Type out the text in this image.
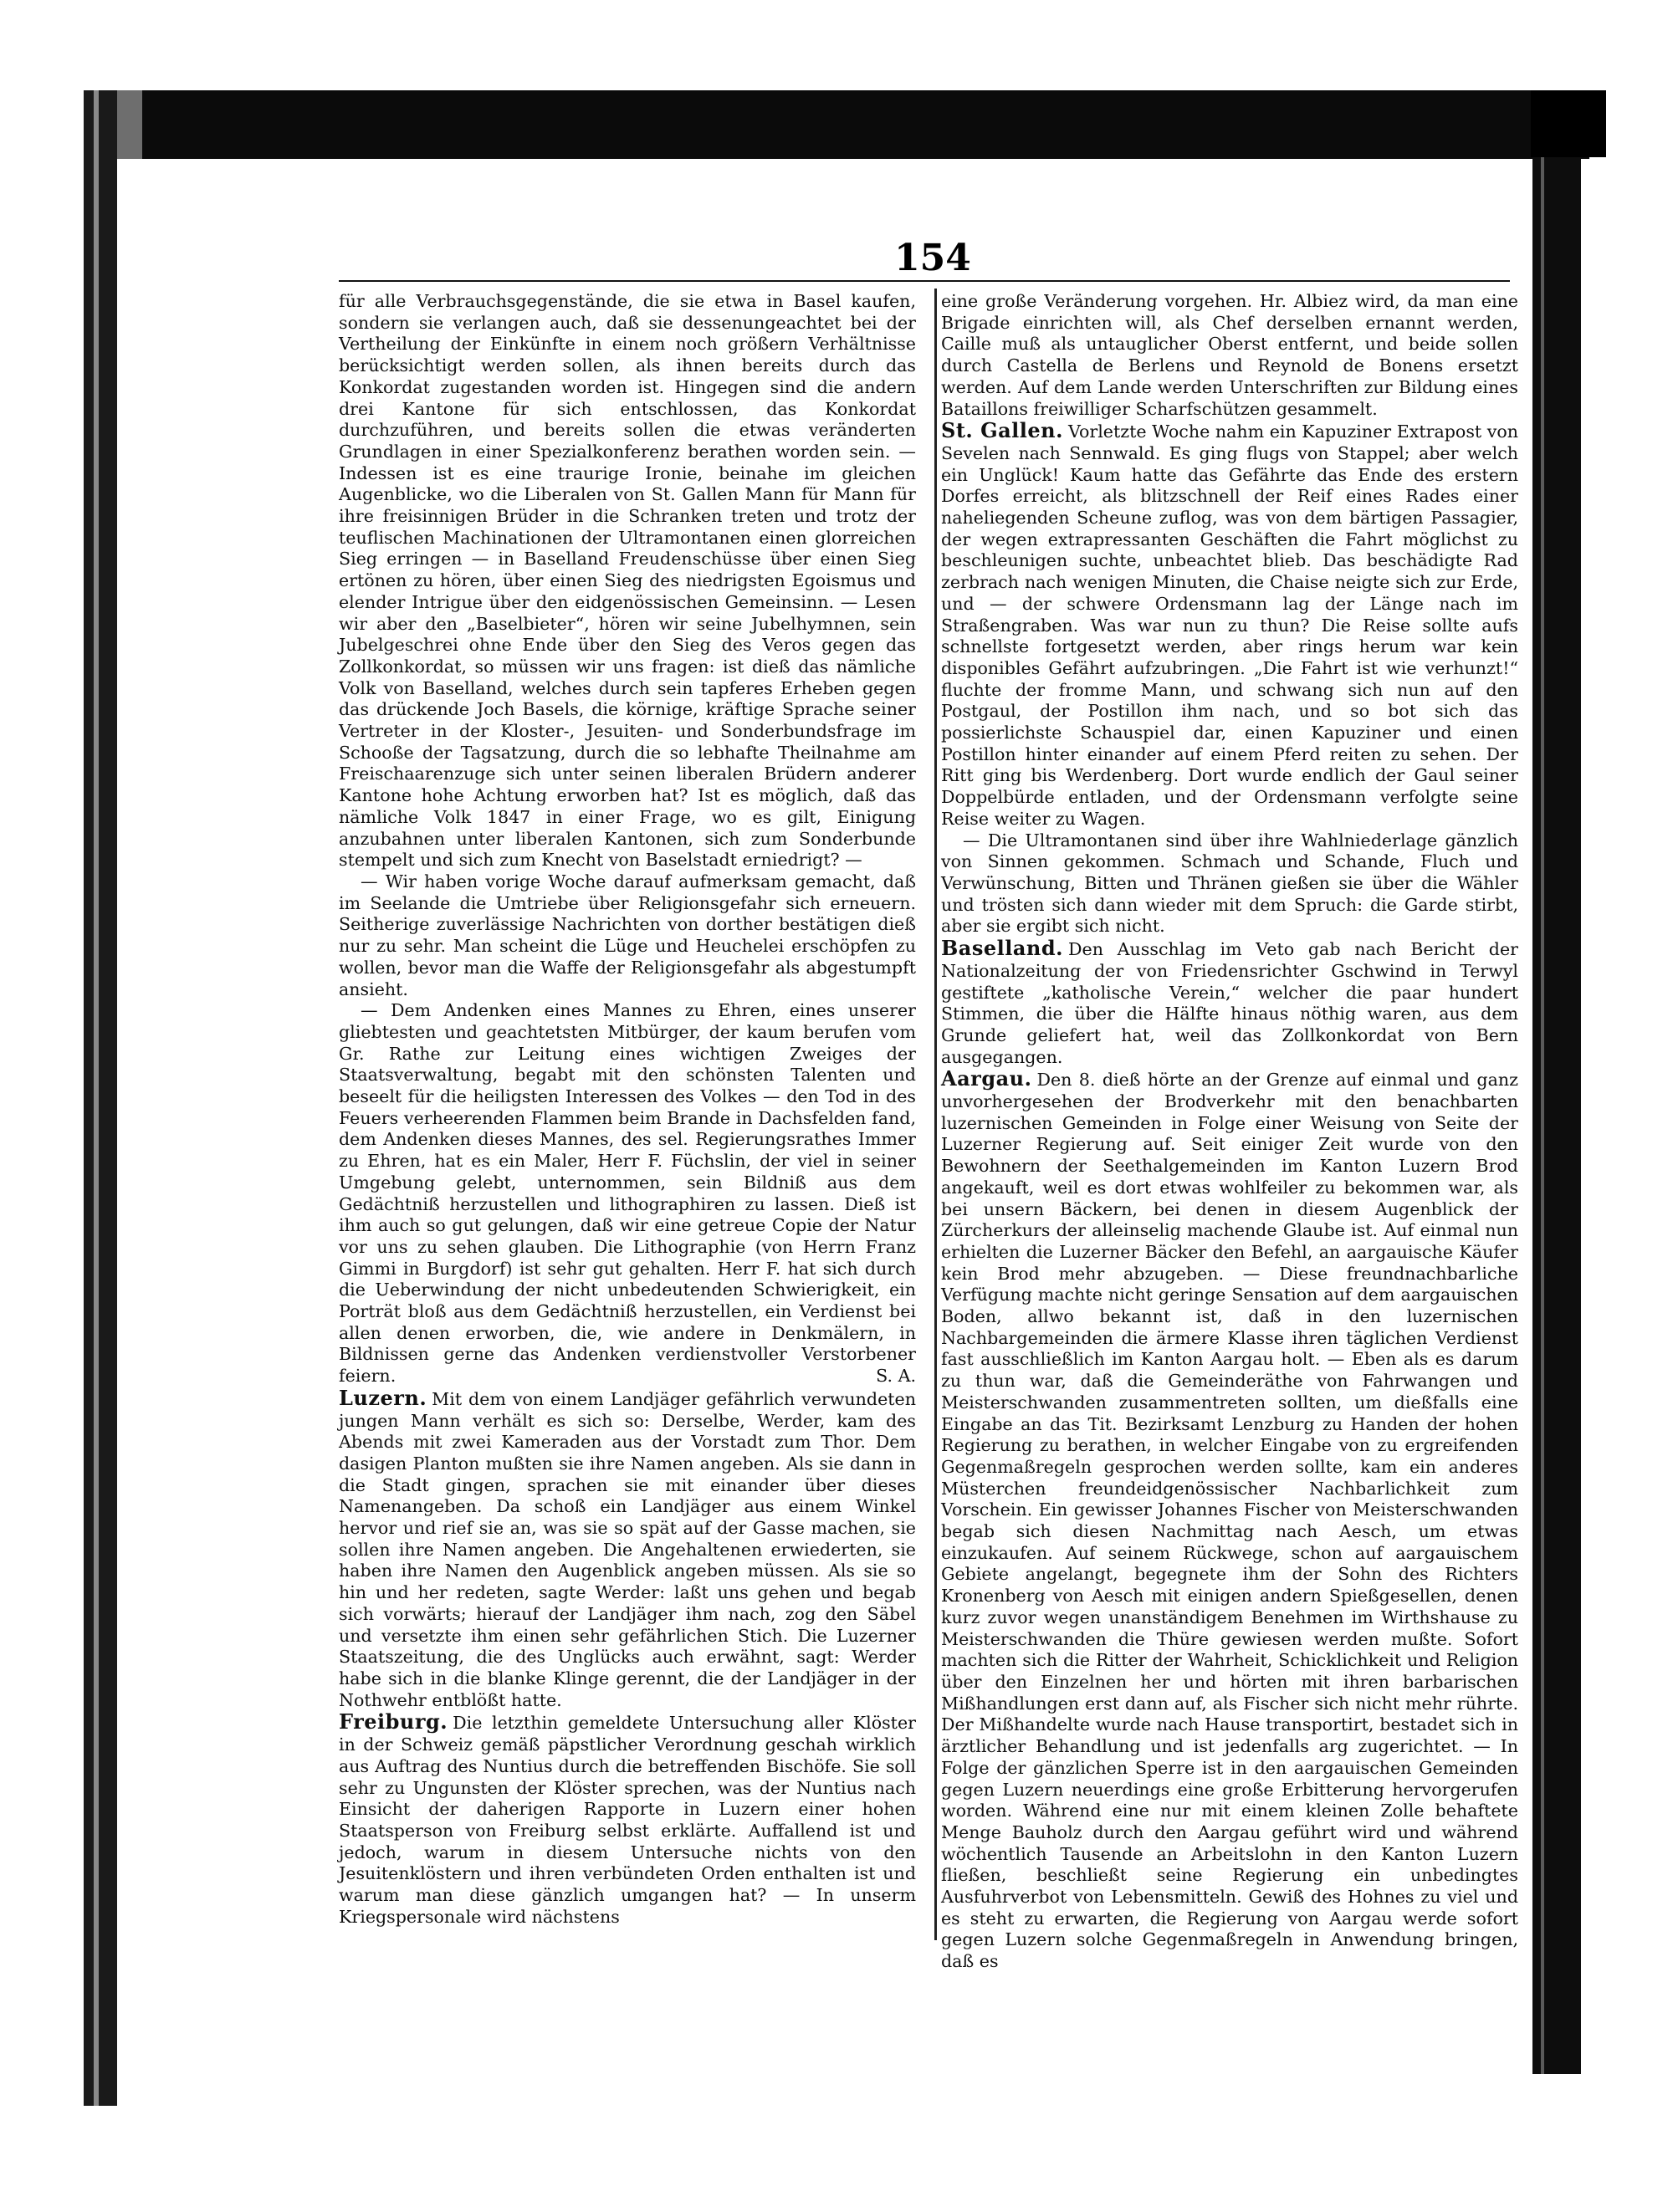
154

für alle Verbrauchsgegenstände, die sie etwa in Basel kaufen, sondern sie verlangen auch, daß sie dessenungeachtet bei der Vertheilung der Einkünfte in einem noch größern Verhältnisse berücksichtigt werden sollen, als ihnen bereits durch das Konkordat zugestanden worden ist. Hingegen sind die andern drei Kantone für sich entschlossen, das Konkordat durchzuführen, und bereits sollen die etwas veränderten Grundlagen in einer Spezialkonferenz berathen worden sein. — Indessen ist es eine traurige Ironie, beinahe im gleichen Augenblicke, wo die Liberalen von St. Gallen Mann für Mann für ihre freisinnigen Brüder in die Schranken treten und trotz der teuflischen Machinationen der Ultramontanen einen glorreichen Sieg erringen — in Baselland Freudenschüsse über einen Sieg ertönen zu hören, über einen Sieg des niedrigsten Egoismus und elender Intrigue über den eidgenössischen Gemeinsinn. — Lesen wir aber den „Baselbieter“, hören wir seine Jubelhymnen, sein Jubelgeschrei ohne Ende über den Sieg des Veros gegen das Zollkonkordat, so müssen wir uns fragen: ist dieß das nämliche Volk von Baselland, welches durch sein tapferes Erheben gegen das drückende Joch Basels, die körnige, kräftige Sprache seiner Vertreter in der Kloster-, Jesuiten- und Sonderbundsfrage im Schooße der Tagsatzung, durch die so lebhafte Theilnahme am Freischaarenzuge sich unter seinen liberalen Brüdern anderer Kantone hohe Achtung erworben hat? Ist es möglich, daß das nämliche Volk 1847 in einer Frage, wo es gilt, Einigung anzubahnen unter liberalen Kantonen, sich zum Sonderbunde stempelt und sich zum Knecht von Baselstadt erniedrigt? —

— Wir haben vorige Woche darauf aufmerksam gemacht, daß im Seelande die Umtriebe über Religionsgefahr sich erneuern. Seitherige zuverlässige Nachrichten von dorther bestätigen dieß nur zu sehr. Man scheint die Lüge und Heuchelei erschöpfen zu wollen, bevor man die Waffe der Religionsgefahr als abgestumpft ansieht.

— Dem Andenken eines Mannes zu Ehren, eines unserer gliebtesten und geachtetsten Mitbürger, der kaum berufen vom Gr. Rathe zur Leitung eines wichtigen Zweiges der Staatsverwaltung, begabt mit den schönsten Talenten und beseelt für die heiligsten Interessen des Volkes — den Tod in des Feuers verheerenden Flammen beim Brande in Dachsfelden fand, dem Andenken dieses Mannes, des sel. Regierungsrathes Immer zu Ehren, hat es ein Maler, Herr F. Füchslin, der viel in seiner Umgebung gelebt, unternommen, sein Bildniß aus dem Gedächtniß herzustellen und lithographiren zu lassen. Dieß ist ihm auch so gut gelungen, daß wir eine getreue Copie der Natur vor uns zu sehen glauben. Die Lithographie (von Herrn Franz Gimmi in Burgdorf) ist sehr gut gehalten. Herr F. hat sich durch die Ueberwindung der nicht unbedeutenden Schwierigkeit, ein Porträt bloß aus dem Gedächtniß herzustellen, ein Verdienst bei allen denen erworben, die, wie andere in Denkmälern, in Bildnissen gerne das Andenken verdienstvoller Verstorbener feiern.	S. A.

Luzern. Mit dem von einem Landjäger gefährlich verwundeten jungen Mann verhält es sich so: Derselbe, Werder, kam des Abends mit zwei Kameraden aus der Vorstadt zum Thor. Dem dasigen Planton mußten sie ihre Namen angeben. Als sie dann in die Stadt gingen, sprachen sie mit einander über dieses Namenangeben. Da schoß ein Landjäger aus einem Winkel hervor und rief sie an, was sie so spät auf der Gasse machen, sie sollen ihre Namen angeben. Die Angehaltenen erwiederten, sie haben ihre Namen den Augenblick angeben müssen. Als sie so hin und her redeten, sagte Werder: laßt uns gehen und begab sich vorwärts; hierauf der Landjäger ihm nach, zog den Säbel und versetzte ihm einen sehr gefährlichen Stich. Die Luzerner Staatszeitung, die des Unglücks auch erwähnt, sagt: Werder habe sich in die blanke Klinge gerennt, die der Landjäger in der Nothwehr entblößt hatte.

Freiburg. Die letzthin gemeldete Untersuchung aller Klöster in der Schweiz gemäß päpstlicher Verordnung geschah wirklich aus Auftrag des Nuntius durch die betreffenden Bischöfe. Sie soll sehr zu Ungunsten der Klöster sprechen, was der Nuntius nach Einsicht der daherigen Rapporte in Luzern einer hohen Staatsperson von Freiburg selbst erklärte. Auffallend ist und jedoch, warum in diesem Untersuche nichts von den Jesuitenklöstern und ihren verbündeten Orden enthalten ist und warum man diese gänzlich umgangen hat? — In unserm Kriegspersonale wird nächstens

eine große Veränderung vorgehen. Hr. Albiez wird, da man eine Brigade einrichten will, als Chef derselben ernannt werden, Caille muß als untauglicher Oberst entfernt, und beide sollen durch Castella de Berlens und Reynold de Bonens ersetzt werden. Auf dem Lande werden Unterschriften zur Bildung eines Bataillons freiwilliger Scharfschützen gesammelt.

St. Gallen. Vorletzte Woche nahm ein Kapuziner Extrapost von Sevelen nach Sennwald. Es ging flugs von Stappel; aber welch ein Unglück! Kaum hatte das Gefährte das Ende des erstern Dorfes erreicht, als blitzschnell der Reif eines Rades einer naheliegenden Scheune zuflog, was von dem bärtigen Passagier, der wegen extrapressanten Geschäften die Fahrt möglichst zu beschleunigen suchte, unbeachtet blieb. Das beschädigte Rad zerbrach nach wenigen Minuten, die Chaise neigte sich zur Erde, und — der schwere Ordensmann lag der Länge nach im Straßengraben. Was war nun zu thun? Die Reise sollte aufs schnellste fortgesetzt werden, aber rings herum war kein disponibles Gefährt aufzubringen. „Die Fahrt ist wie verhunzt!“ fluchte der fromme Mann, und schwang sich nun auf den Postgaul, der Postillon ihm nach, und so bot sich das possierlichste Schauspiel dar, einen Kapuziner und einen Postillon hinter einander auf einem Pferd reiten zu sehen. Der Ritt ging bis Werdenberg. Dort wurde endlich der Gaul seiner Doppelbürde entladen, und der Ordensmann verfolgte seine Reise weiter zu Wagen.

— Die Ultramontanen sind über ihre Wahlniederlage gänzlich von Sinnen gekommen. Schmach und Schande, Fluch und Verwünschung, Bitten und Thränen gießen sie über die Wähler und trösten sich dann wieder mit dem Spruch: die Garde stirbt, aber sie ergibt sich nicht.

Baselland. Den Ausschlag im Veto gab nach Bericht der Nationalzeitung der von Friedensrichter Gschwind in Terwyl gestiftete „katholische Verein,“ welcher die paar hundert Stimmen, die über die Hälfte hinaus nöthig waren, aus dem Grunde geliefert hat, weil das Zollkonkordat von Bern ausgegangen.

Aargau. Den 8. dieß hörte an der Grenze auf einmal und ganz unvorhergesehen der Brodverkehr mit den benachbarten luzernischen Gemeinden in Folge einer Weisung von Seite der Luzerner Regierung auf. Seit einiger Zeit wurde von den Bewohnern der Seethalgemeinden im Kanton Luzern Brod angekauft, weil es dort etwas wohlfeiler zu bekommen war, als bei unsern Bäckern, bei denen in diesem Augenblick der Zürcherkurs der alleinselig machende Glaube ist. Auf einmal nun erhielten die Luzerner Bäcker den Befehl, an aargauische Käufer kein Brod mehr abzugeben. — Diese freundnachbarliche Verfügung machte nicht geringe Sensation auf dem aargauischen Boden, allwo bekannt ist, daß in den luzernischen Nachbargemeinden die ärmere Klasse ihren täglichen Verdienst fast ausschließlich im Kanton Aargau holt. — Eben als es darum zu thun war, daß die Gemeinderäthe von Fahrwangen und Meisterschwanden zusammentreten sollten, um dießfalls eine Eingabe an das Tit. Bezirksamt Lenzburg zu Handen der hohen Regierung zu berathen, in welcher Eingabe von zu ergreifenden Gegenmaßregeln gesprochen werden sollte, kam ein anderes Müsterchen freundeidgenössischer Nachbarlichkeit zum Vorschein. Ein gewisser Johannes Fischer von Meisterschwanden begab sich diesen Nachmittag nach Aesch, um etwas einzukaufen. Auf seinem Rückwege, schon auf aargauischem Gebiete angelangt, begegnete ihm der Sohn des Richters Kronenberg von Aesch mit einigen andern Spießgesellen, denen kurz zuvor wegen unanständigem Benehmen im Wirthshause zu Meisterschwanden die Thüre gewiesen werden mußte. Sofort machten sich die Ritter der Wahrheit, Schicklichkeit und Religion über den Einzelnen her und hörten mit ihren barbarischen Mißhandlungen erst dann auf, als Fischer sich nicht mehr rührte. Der Mißhandelte wurde nach Hause transportirt, bestadet sich in ärztlicher Behandlung und ist jedenfalls arg zugerichtet. — In Folge der gänzlichen Sperre ist in den aargauischen Gemeinden gegen Luzern neuerdings eine große Erbitterung hervorgerufen worden. Während eine nur mit einem kleinen Zolle behaftete Menge Bauholz durch den Aargau geführt wird und während wöchentlich Tausende an Arbeitslohn in den Kanton Luzern fließen, beschließt seine Regierung ein unbedingtes Ausfuhrverbot von Lebensmitteln. Gewiß des Hohnes zu viel und es steht zu erwarten, die Regierung von Aargau werde sofort gegen Luzern solche Gegenmaßregeln in Anwendung bringen, daß es
